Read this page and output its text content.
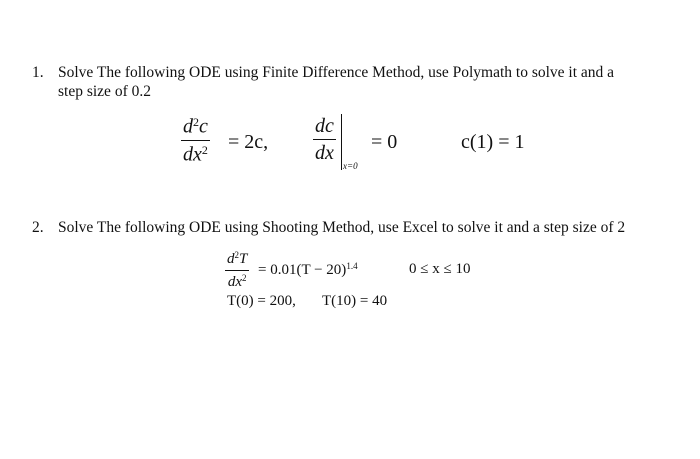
1. Solve The following ODE using Finite Difference Method, use Polymath to solve it and a
step size of 0.2
$d^2c$
$dx^2 = 2c$,
dc
dx
x=0
= 0	c(1) = 1
2. Solve The following ODE using Shooting Method, use Excel to solve it and a step size of 2
$d^2T$
$dx^2$
= $0.01(T - 20)^{1.4}$	0 ≤ x ≤ 10
T(0) = 200, T(10) = 40
